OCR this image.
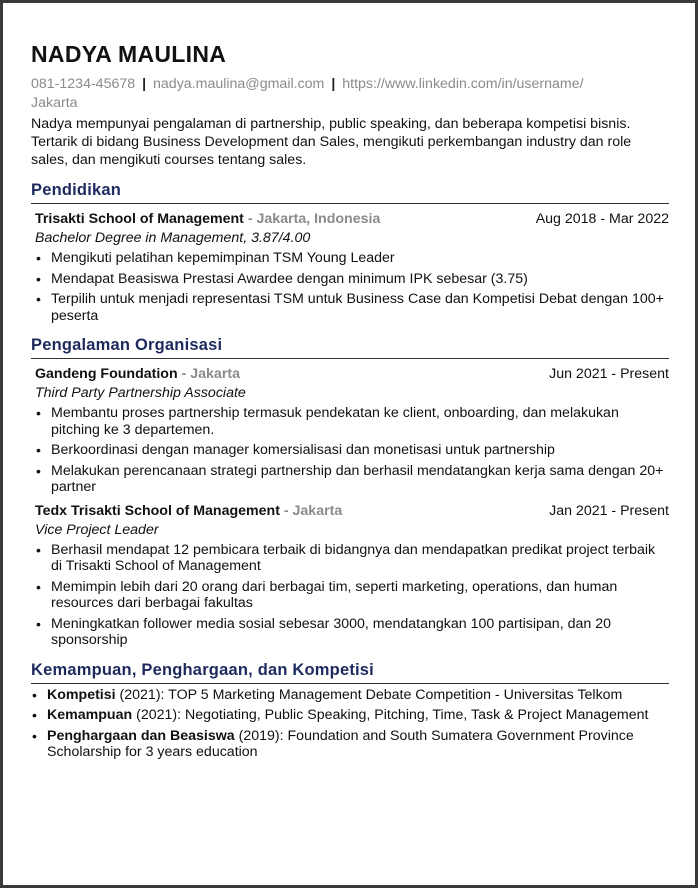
NADYA MAULINA
081-1234-45678 | nadya.maulina@gmail.com | https://www.linkedin.com/in/username/
Jakarta
Nadya mempunyai pengalaman di partnership, public speaking, dan beberapa kompetisi bisnis. Tertarik di bidang Business Development dan Sales, mengikuti perkembangan industry dan role sales, dan mengikuti courses tentang sales.
Pendidikan
Trisakti School of Management - Jakarta, Indonesia	Aug 2018 - Mar 2022
Bachelor Degree in Management, 3.87/4.00
• Mengikuti pelatihan kepemimpinan TSM Young Leader
• Mendapat Beasiswa Prestasi Awardee dengan minimum IPK sebesar (3.75)
• Terpilih untuk menjadi representasi TSM untuk Business Case dan Kompetisi Debat dengan 100+ peserta
Pengalaman Organisasi
Gandeng Foundation - Jakarta	Jun 2021 - Present
Third Party Partnership Associate
• Membantu proses partnership termasuk pendekatan ke client, onboarding, dan melakukan pitching ke 3 departemen.
• Berkoordinasi dengan manager komersialisasi dan monetisasi untuk partnership
• Melakukan perencanaan strategi partnership dan berhasil mendatangkan kerja sama dengan 20+ partner
Tedx Trisakti School of Management - Jakarta	Jan 2021 - Present
Vice Project Leader
• Berhasil mendapat 12 pembicara terbaik di bidangnya dan mendapatkan predikat project terbaik di Trisakti School of Management
• Memimpin lebih dari 20 orang dari berbagai tim, seperti marketing, operations, dan human resources dari berbagai fakultas
• Meningkatkan follower media sosial sebesar 3000, mendatangkan 100 partisipan, dan 20 sponsorship
Kemampuan, Penghargaan, dan Kompetisi
• Kompetisi (2021): TOP 5 Marketing Management Debate Competition - Universitas Telkom
• Kemampuan (2021): Negotiating, Public Speaking, Pitching, Time, Task & Project Management
• Penghargaan dan Beasiswa (2019): Foundation and South Sumatera Government Province Scholarship for 3 years education
